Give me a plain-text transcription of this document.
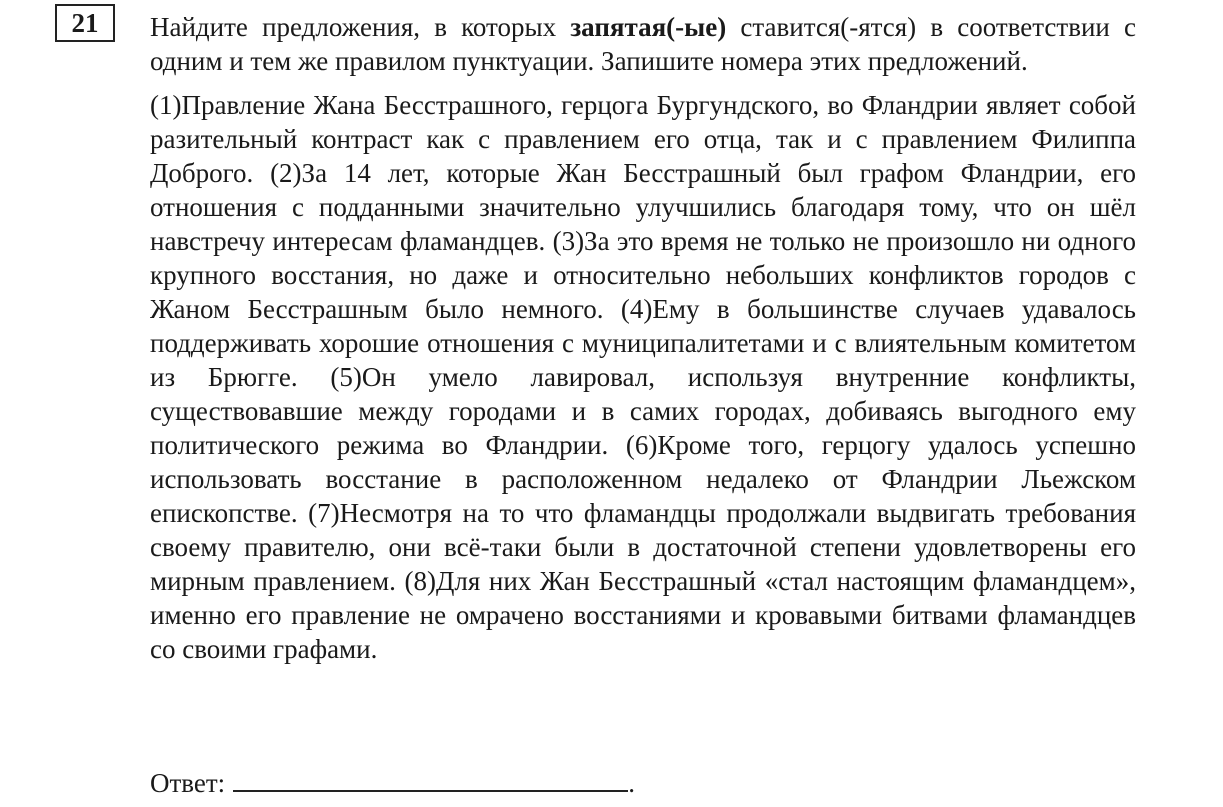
21 Найдите предложения, в которых запятая(-ые) ставится(-ятся) в соответствии с одним и тем же правилом пунктуации. Запишите номера этих предложений.

(1)Правление Жана Бесстрашного, герцога Бургундского, во Фландрии являет собой разительный контраст как с правлением его отца, так и с правлением Филиппа Доброго. (2)За 14 лет, которые Жан Бесстрашный был графом Фландрии, его отношения с подданными значительно улучшились благодаря тому, что он шёл навстречу интересам фламандцев. (3)За это время не только не произошло ни одного крупного восстания, но даже и относительно небольших конфликтов городов с Жаном Бесстрашным было немного. (4)Ему в большинстве случаев удавалось поддерживать хорошие отношения с муниципалитетами и с влиятельным комитетом из Брюгге. (5)Он умело лавировал, используя внутренние конфликты, существовавшие между городами и в самих городах, добиваясь выгодного ему политического режима во Фландрии. (6)Кроме того, герцогу удалось успешно использовать восстание в расположенном недалеко от Фландрии Льежском епископстве. (7)Несмотря на то что фламандцы продолжали выдвигать требования своему правителю, они всё-таки были в достаточной степени удовлетворены его мирным правлением. (8)Для них Жан Бесстрашный «стал настоящим фламандцем», именно его правление не омрачено восстаниями и кровавыми битвами фламандцев со своими графами.

Ответ:	.
